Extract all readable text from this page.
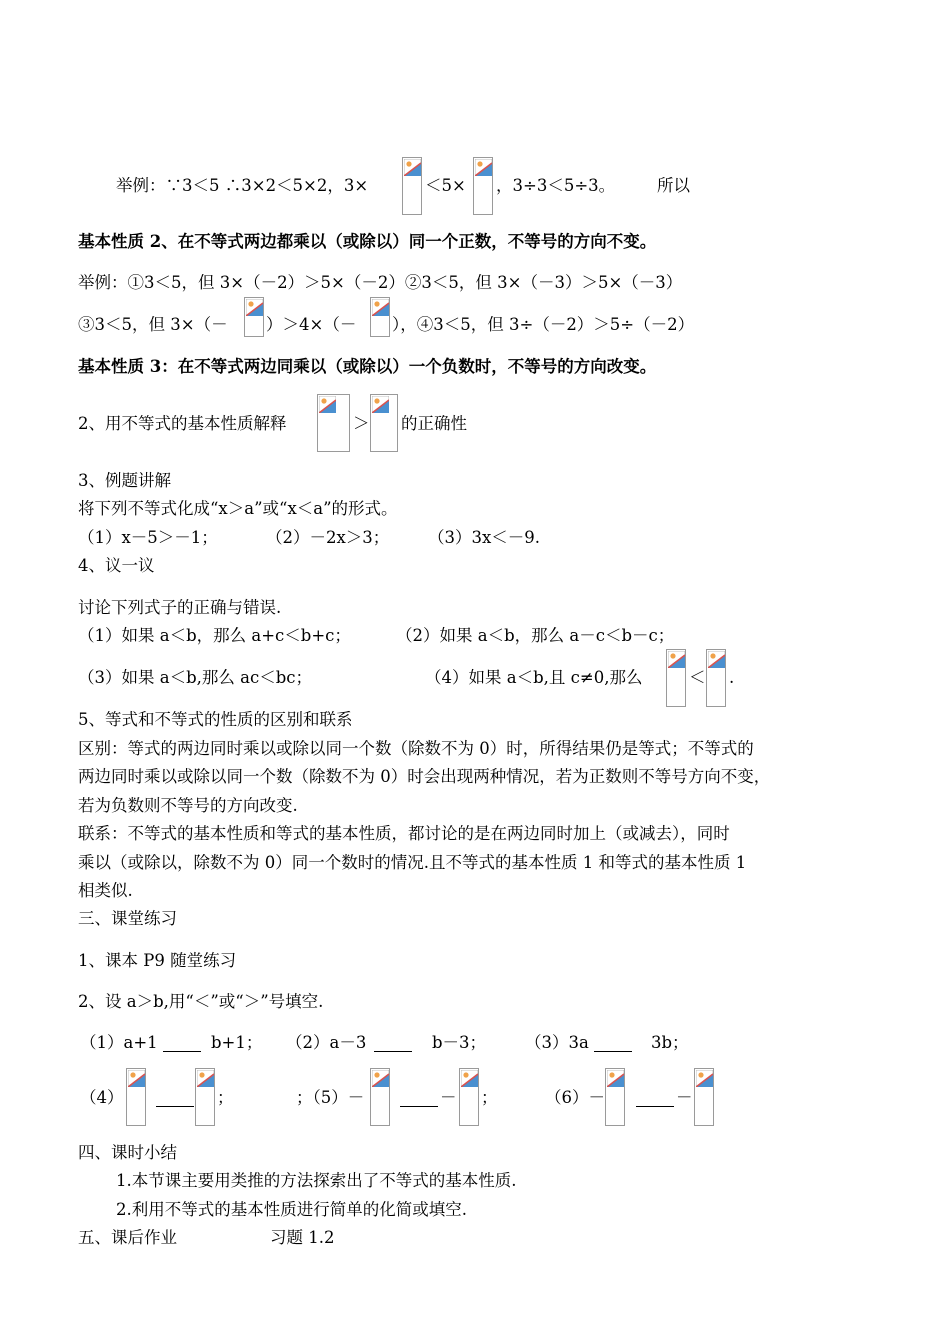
举例：∵3＜5 ∴3×2＜5×2，3×	＜5× ，3÷3＜5÷3。	所以
基本性质 2、在不等式两边都乘以（或除以）同一个正数，不等号的方向不变。
举例：①3＜5，但 3×（－2）＞5×（－2）②3＜5，但 3×（－3）＞5×（－3）
③3＜5，但 3×（－ ）＞4×（－ ），④3＜5，但 3÷（－2）＞5÷（－2）
基本性质 3：在不等式两边同乘以（或除以）一个负数时，不等号的方向改变。
2、用不等式的基本性质解释	＞ 的正确性
3、例题讲解
将下列不等式化成“x＞a”或“x＜a”的形式。
（1）x－5＞－1；	（2）－2x＞3； （3）3x＜－9.
4、议一议
讨论下列式子的正确与错误.
（1）如果 a＜b，那么 a+c＜b+c；	（2）如果 a＜b，那么 a－c＜b－c；
（3）如果 a＜b,那么 ac＜bc；	（4）如果 a＜b,且 c≠0,那么	＜ .
5、等式和不等式的性质的区别和联系
区别：等式的两边同时乘以或除以同一个数（除数不为 0）时，所得结果仍是等式；不等式的
两边同时乘以或除以同一个数（除数不为 0）时会出现两种情况，若为正数则不等号方向不变，
若为负数则不等号的方向改变.
联系：不等式的基本性质和等式的基本性质，都讨论的是在两边同时加上（或减去），同时
乘以（或除以，除数不为 0）同一个数时的情况.且不等式的基本性质 1 和等式的基本性质 1
相类似.
三、课堂练习
1、课本 P9 随堂练习
2、设 a＞b,用“＜”或“＞”号填空.
（1）a+1	b+1； （2）a－3	b－3； （3）3a	3b；
（4）	；	；（5）－	－ ；	（6）－	－
四、课时小结
1.本节课主要用类推的方法探索出了不等式的基本性质.
2.利用不等式的基本性质进行简单的化简或填空.
五、课后作业	习题 1.2
